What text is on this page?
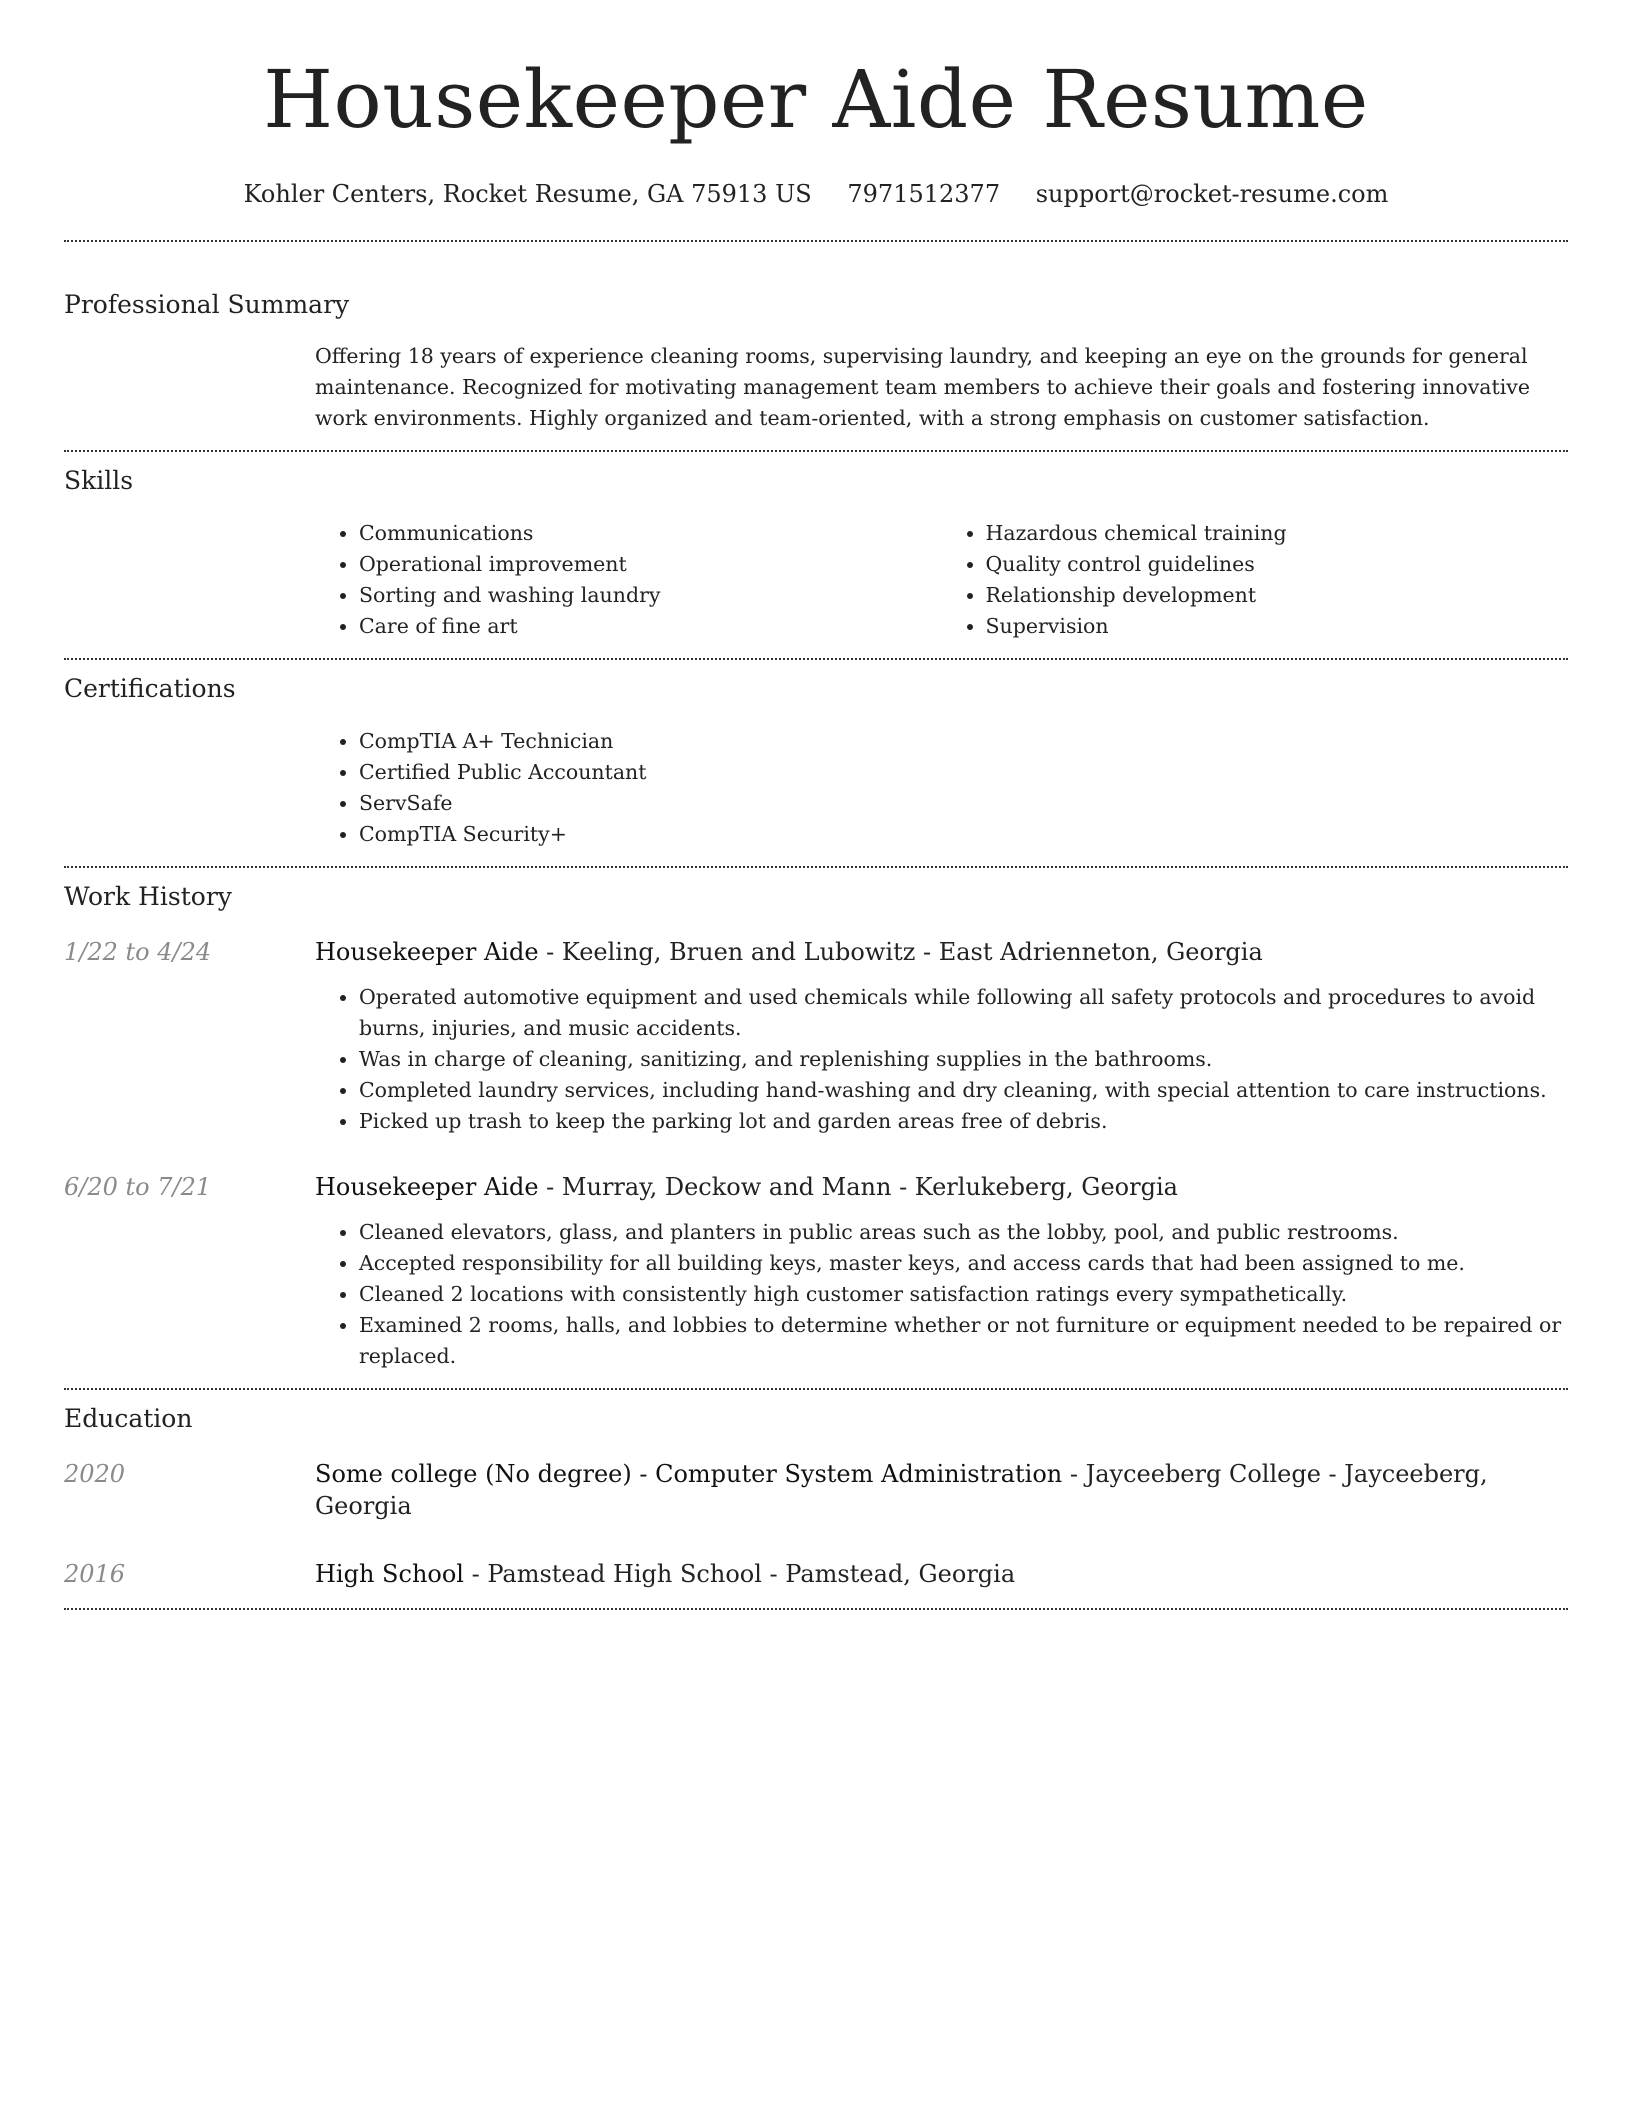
Housekeeper Aide Resume
Kohler Centers, Rocket Resume, GA 75913 US 7971512377 support@rocket-resume.com
Professional Summary

Offering 18 years of experience cleaning rooms, supervising laundry, and keeping an eye on the grounds for general maintenance. Recognized for motivating management team members to achieve their goals and fostering innovative work environments. Highly organized and team-oriented, with a strong emphasis on customer satisfaction.

Skills
• Communications
• Operational improvement
• Sorting and washing laundry
• Care of fine art
• Hazardous chemical training
• Quality control guidelines
• Relationship development
• Supervision
Certifications
• CompTIA A+ Technician
• Certified Public Accountant
• ServSafe
• CompTIA Security+
Work History
1/22 to 4/24	Housekeeper Aide - Keeling, Bruen and Lubowitz - East Adrienneton, Georgia
• Operated automotive equipment and used chemicals while following all safety protocols and procedures to avoid burns, injuries, and music accidents.
• Was in charge of cleaning, sanitizing, and replenishing supplies in the bathrooms.
• Completed laundry services, including hand-washing and dry cleaning, with special attention to care instructions.
• Picked up trash to keep the parking lot and garden areas free of debris.
6/20 to 7/21	Housekeeper Aide - Murray, Deckow and Mann - Kerlukeberg, Georgia
• Cleaned elevators, glass, and planters in public areas such as the lobby, pool, and public restrooms.
• Accepted responsibility for all building keys, master keys, and access cards that had been assigned to me.
• Cleaned 2 locations with consistently high customer satisfaction ratings every sympathetically.
• Examined 2 rooms, halls, and lobbies to determine whether or not furniture or equipment needed to be repaired or replaced.
Education
2020	Some college (No degree) - Computer System Administration - Jayceeberg College - Jayceeberg, Georgia
2016	High School - Pamstead High School - Pamstead, Georgia
